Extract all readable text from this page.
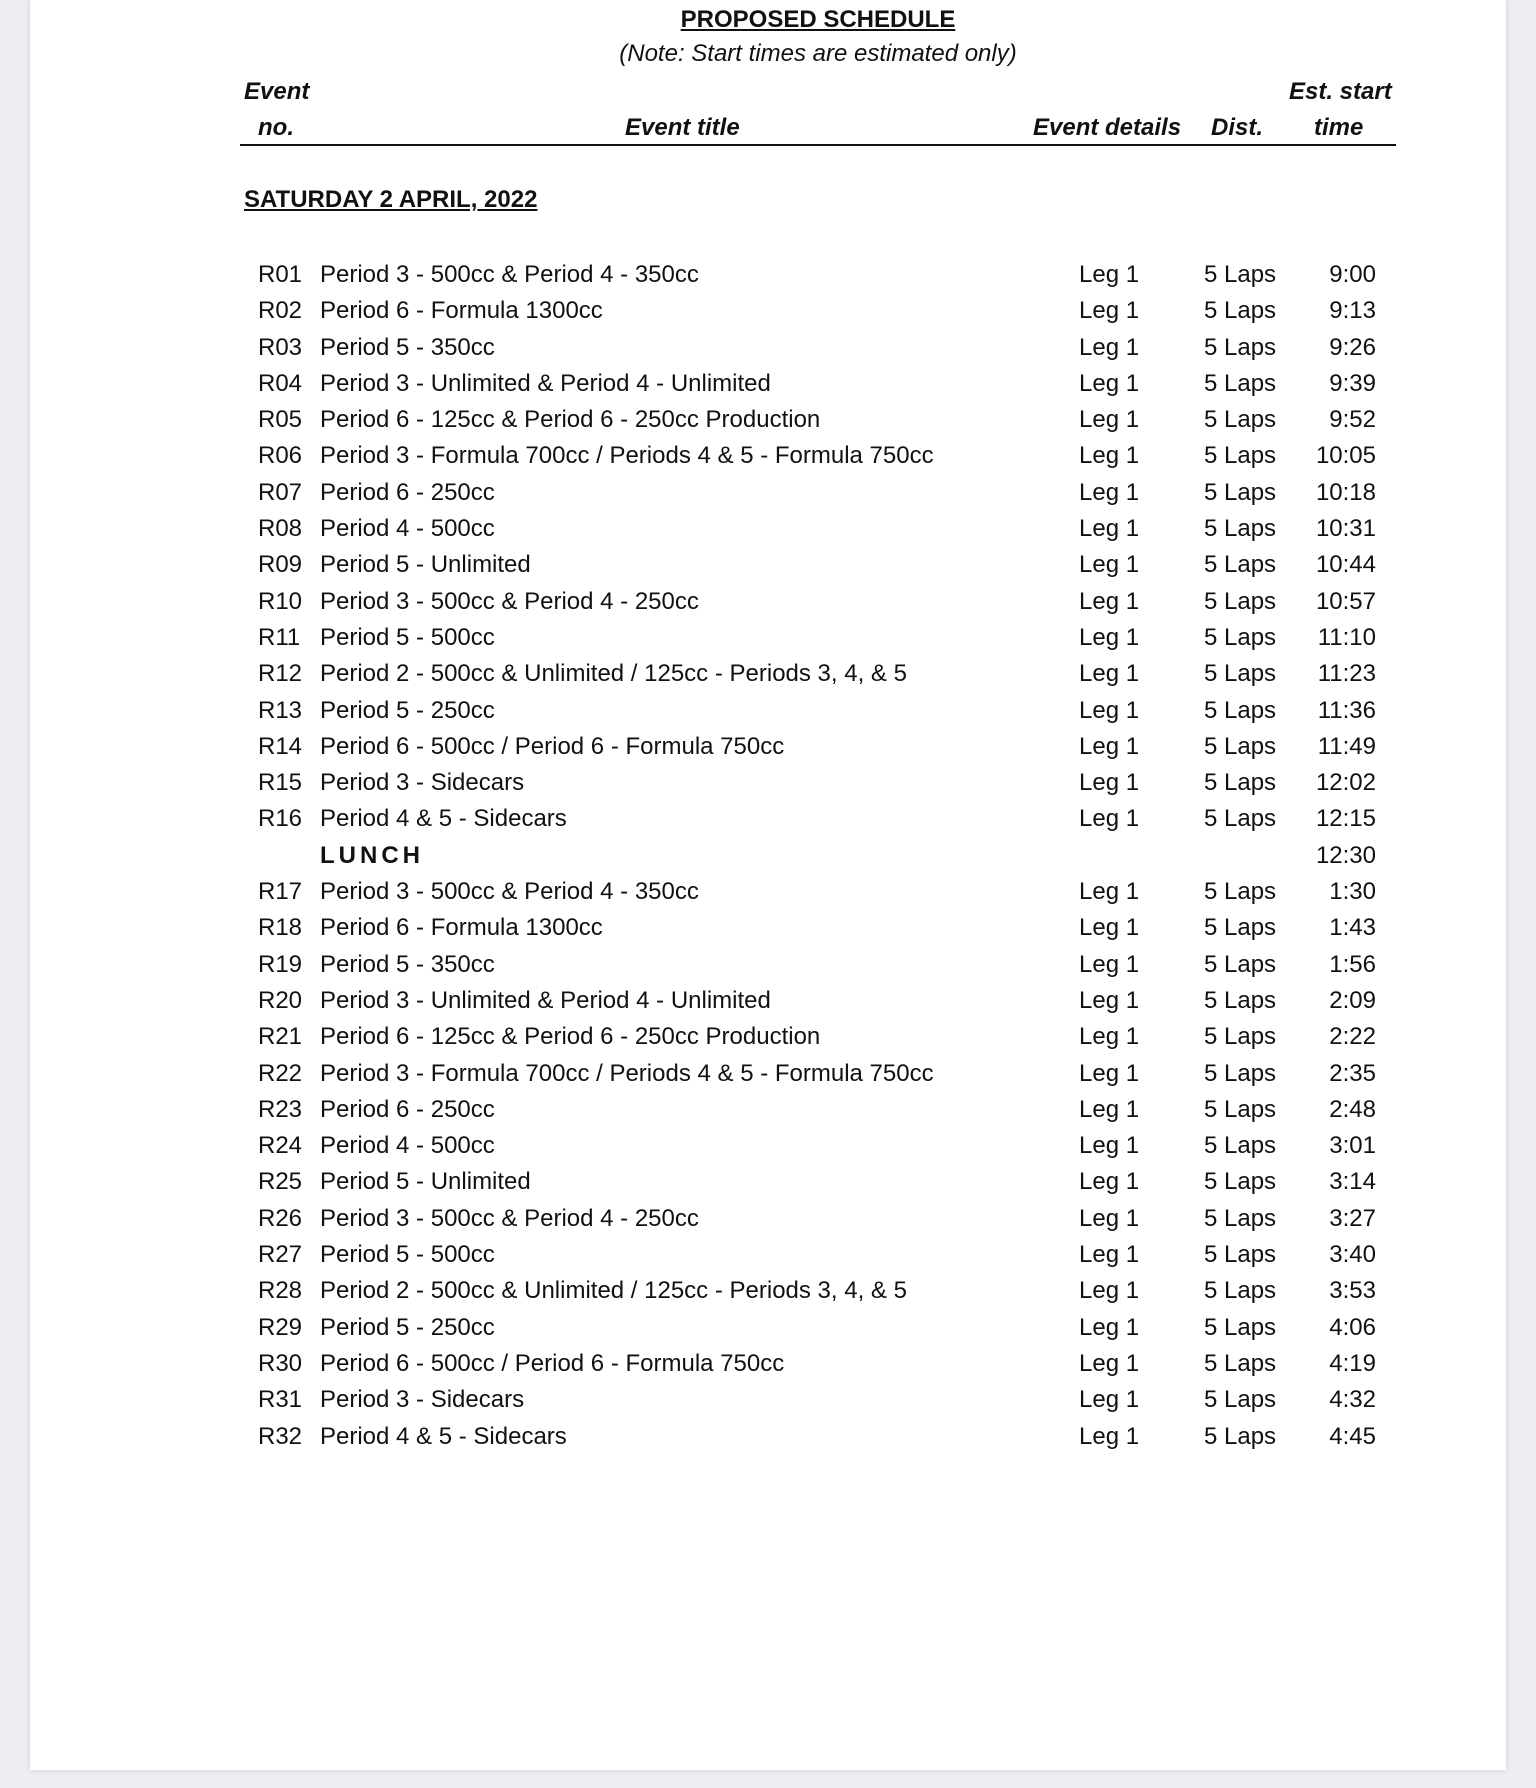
PROPOSED SCHEDULE
(Note: Start times are estimated only)
Event
no.	Event title	Event details Dist.
Est. start
time
SATURDAY 2 APRIL, 2022
R01 Period 3 - 500cc & Period 4 - 350cc	Leg 1	5 Laps 9:00
R02 Period 6 - Formula 1300cc	Leg 1	5 Laps 9:13
R03 Period 5 - 350cc	Leg 1	5 Laps 9:26
R04 Period 3 - Unlimited & Period 4 - Unlimited	Leg 1	5 Laps 9:39
R05 Period 6 - 125cc & Period 6 - 250cc Production	Leg 1	5 Laps 9:52
R06 Period 3 - Formula 700cc / Periods 4 & 5 - Formula 750cc	Leg 1	5 Laps 10:05
R07 Period 6 - 250cc	Leg 1	5 Laps 10:18
R08 Period 4 - 500cc	Leg 1	5 Laps 10:31
R09 Period 5 - Unlimited	Leg 1	5 Laps 10:44
R10 Period 3 - 500cc & Period 4 - 250cc	Leg 1	5 Laps 10:57
R11 Period 5 - 500cc	Leg 1	5 Laps 11:10
R12 Period 2 - 500cc & Unlimited / 125cc - Periods 3, 4, & 5	Leg 1	5 Laps 11:23
R13 Period 5 - 250cc	Leg 1	5 Laps 11:36
R14 Period 6 - 500cc / Period 6 - Formula 750cc	Leg 1	5 Laps 11:49
R15 Period 3 - Sidecars	Leg 1	5 Laps 12:02
R16 Period 4 & 5 - Sidecars	Leg 1	5 Laps 12:15
LUNCH	12:30
R17 Period 3 - 500cc & Period 4 - 350cc	Leg 1	5 Laps 1:30
R18 Period 6 - Formula 1300cc	Leg 1	5 Laps 1:43
R19 Period 5 - 350cc	Leg 1	5 Laps 1:56
R20 Period 3 - Unlimited & Period 4 - Unlimited	Leg 1	5 Laps 2:09
R21 Period 6 - 125cc & Period 6 - 250cc Production	Leg 1	5 Laps 2:22
R22 Period 3 - Formula 700cc / Periods 4 & 5 - Formula 750cc	Leg 1	5 Laps 2:35
R23 Period 6 - 250cc	Leg 1	5 Laps 2:48
R24 Period 4 - 500cc	Leg 1	5 Laps 3:01
R25 Period 5 - Unlimited	Leg 1	5 Laps 3:14
R26 Period 3 - 500cc & Period 4 - 250cc	Leg 1	5 Laps 3:27
R27 Period 5 - 500cc	Leg 1	5 Laps 3:40
R28 Period 2 - 500cc & Unlimited / 125cc - Periods 3, 4, & 5	Leg 1	5 Laps 3:53
R29 Period 5 - 250cc	Leg 1	5 Laps 4:06
R30 Period 6 - 500cc / Period 6 - Formula 750cc	Leg 1	5 Laps 4:19
R31 Period 3 - Sidecars	Leg 1	5 Laps 4:32
R32 Period 4 & 5 - Sidecars	Leg 1	5 Laps 4:45
